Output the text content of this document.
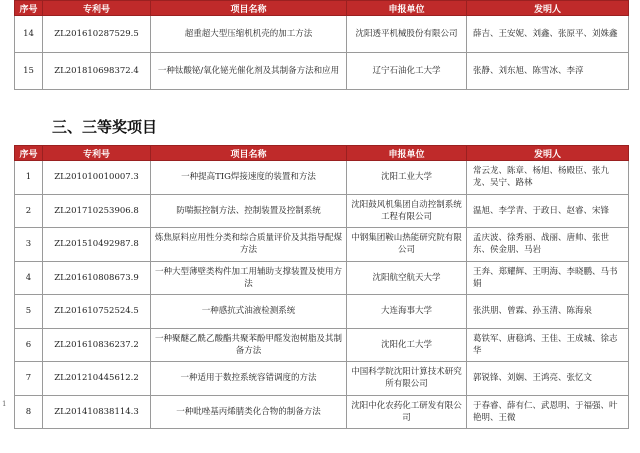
序号	专利号	项目名称	申报单位	发明人
14	ZL201610287529.5	超重超大型压缩机机壳的加工方法	沈阳透平机械股份有限公司	薛吉、王安妮、刘鑫、张原平、刘姝鑫
15	ZL201810698372.4	一种钛酸铋/氧化铋光催化剂及其制备方法和应用	辽宁石油化工大学	张静、刘东旭、陈雪冰、李淳
三、三等奖项目
序号	专利号	项目名称	申报单位	发明人
1	ZL201010010007.3	一种提高TIG焊接速度的装置和方法	沈阳工业大学	常云龙、陈章、杨旭、杨殿臣、张九龙、吴宁、路林
2	ZL201710253906.8	防喘振控制方法、控制装置及控制系统	沈阳鼓风机集团自动控制系统工程有限公司	温旭、李学青、于政日、赵睿、宋锋
3	ZL201510492987.8	炼焦原料应用性分类和综合质量评价及其指导配煤方法	中钢集团鞍山热能研究院有限公司	孟庆波、徐秀丽、战丽、唐帅、张世东、侯金朋、马岩
4	ZL201610808673.9	一种大型薄壁类构件加工用辅助支撑装置及使用方法	沈阳航空航天大学	王奔、郑耀辉、王明海、李晓鹏、马书娟
5	ZL201610752524.5	一种感抗式油液检测系统	大连海事大学	张洪朋、曾霖、孙玉清、陈海泉
6	ZL201610836237.2	一种聚醚乙酰乙酸酯共聚苯酚甲醛发泡树脂及其制备方法	沈阳化工大学	葛铁军、唐稳鸿、王佳、王成城、徐志华
7	ZL201210445612.2	一种适用于数控系统容错调度的方法	中国科学院沈阳计算技术研究所有限公司	郭锐锋、刘娴、王鸿亮、张忆文
8	ZL201410838114.3	一种吡唑基丙烯腈类化合物的制备方法	沈阳中化农药化工研发有限公司	于春睿、薛有仁、武恩明、于福强、叶艳明、王微
1
